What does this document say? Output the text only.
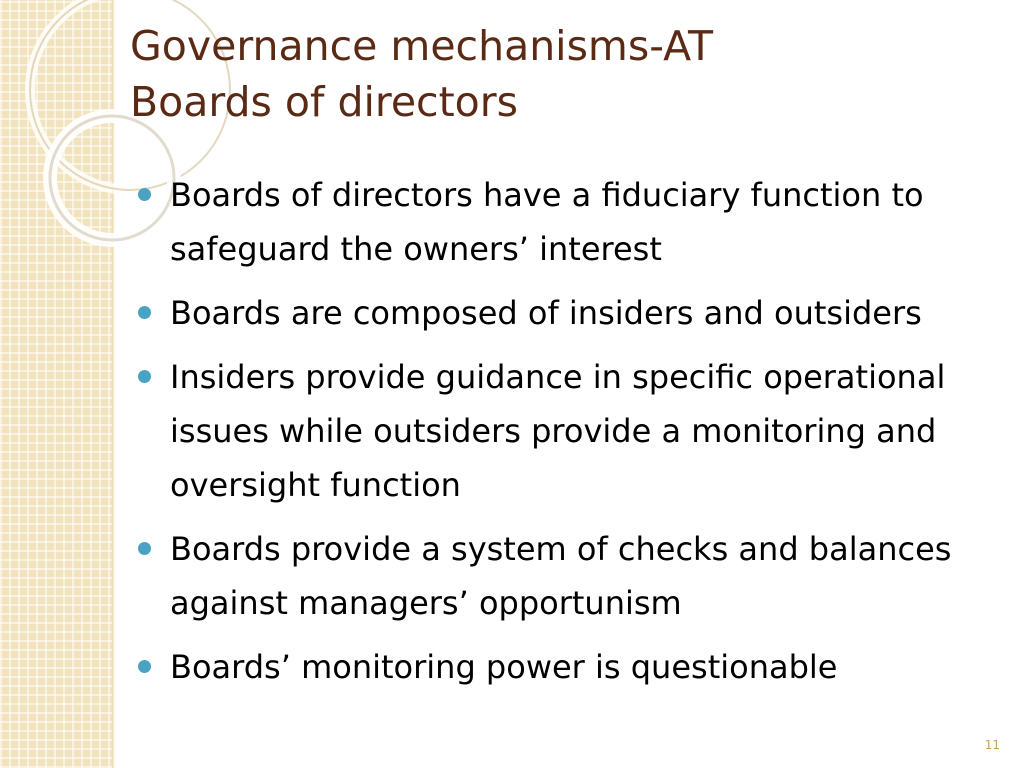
Governance mechanisms-AT
Boards of directors
Boards of directors have a fiduciary function to safeguard the owners’ interest
Boards are composed of insiders and outsiders
Insiders provide guidance in specific operational issues while outsiders provide a monitoring and oversight function
Boards provide a system of checks and balances against managers’ opportunism
Boards’ monitoring power is questionable
11
